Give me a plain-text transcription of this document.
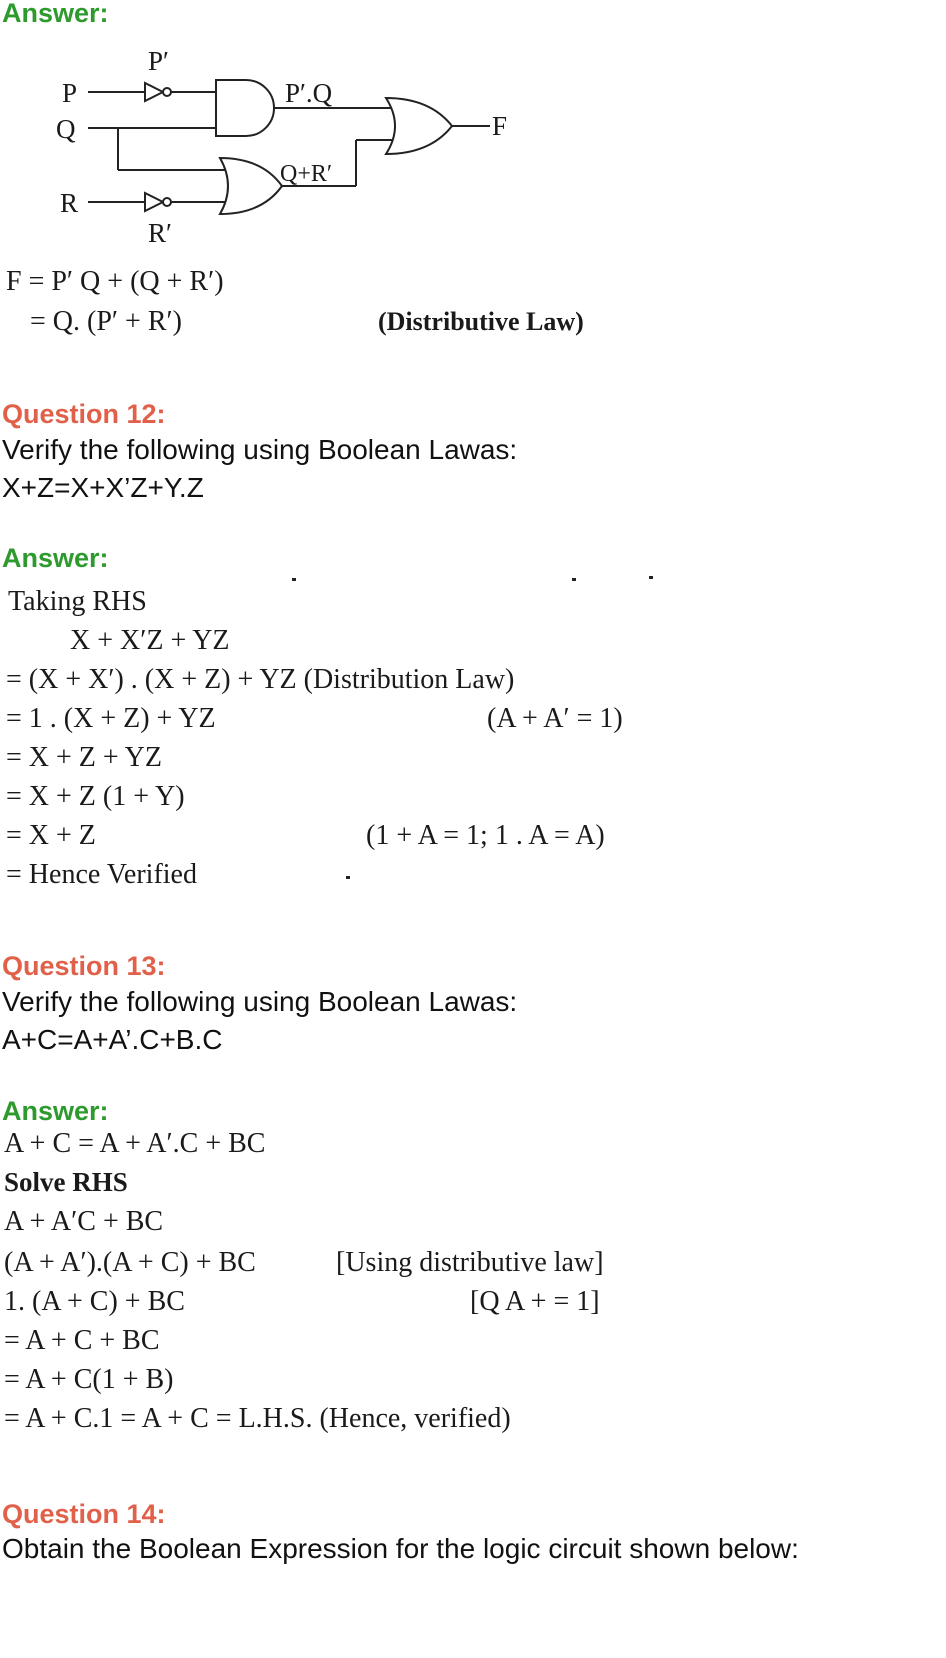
Answer:
P
Q
R
P′
R′
P′.Q
Q+R′
F
F = P′ Q + (Q + R′)
= Q. (P′ + R′)	(Distributive Law)
Question 12:
Verify the following using Boolean Lawas:
X+Z=X+X’Z+Y.Z
Answer:
Taking RHS
X + X′Z + YZ
= (X + X′) . (X + Z) + YZ (Distribution Law)
= 1 . (X + Z) + YZ	(A + A′ = 1)
= X + Z + YZ
= X + Z (1 + Y)
= X + Z	(1 + A = 1; 1 . A = A)
= Hence Verified
Question 13:
Verify the following using Boolean Lawas:
A+C=A+A’.C+B.C
Answer:
A + C = A + A′.C + BC
Solve RHS
A + A′C + BC
(A + A′).(A + C) + BC	[Using distributive law]
1. (A + C) + BC	[Q A + = 1]
= A + C + BC
= A + C(1 + B)
= A + C.1 = A + C = L.H.S. (Hence, verified)
Question 14:
Obtain the Boolean Expression for the logic circuit shown below:
